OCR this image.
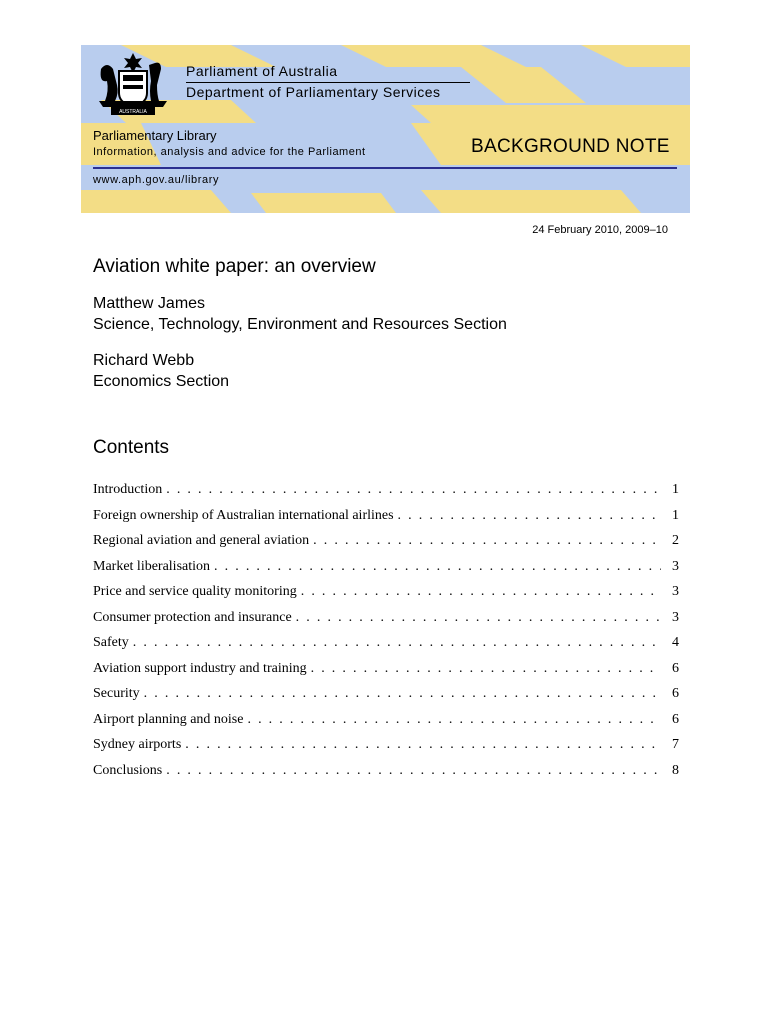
AUSTRALIA
Parliament of Australia
Department of Parliamentary Services
Parliamentary Library
Information, analysis and advice for the Parliament	BACKGROUND NOTE
www.aph.gov.au/library
24 February 2010, 2009–10
Aviation white paper: an overview
Matthew James
Science, Technology, Environment and Resources Section
Richard Webb
Economics Section
Contents
Introduction . . .	1
Foreign ownership of Australian international airlines . . .	1
Regional aviation and general aviation . . .	2
Market liberalisation . . .	3
Price and service quality monitoring . . .	3
Consumer protection and insurance . . .	3
Safety . . .	4
Aviation support industry and training . . .	6
Security . . .	6
Airport planning and noise . . .	6
Sydney airports . . .	7
Conclusions . . .	8
